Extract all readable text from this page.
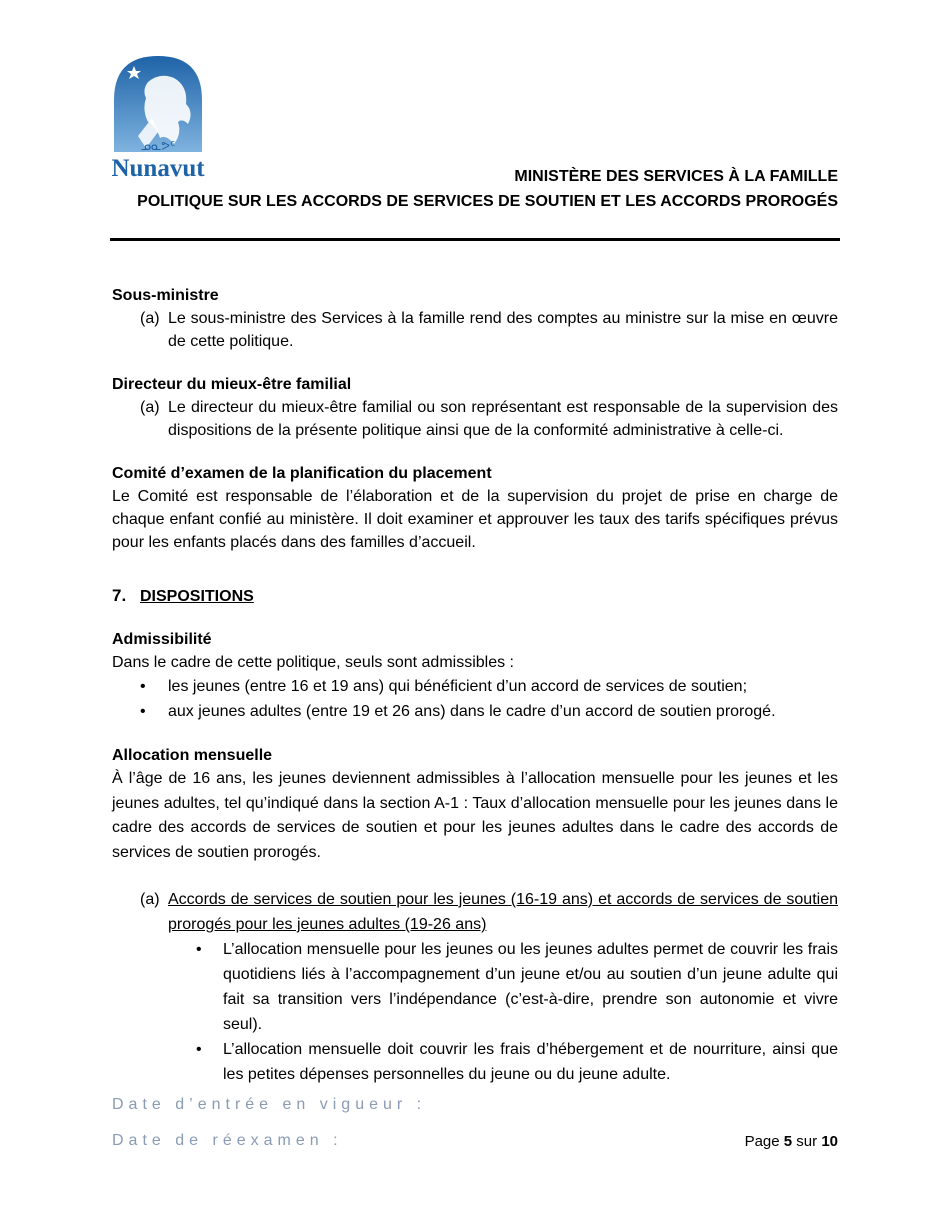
ᓄᓇᕗᑦ
Nunavut	MINISTÈRE DES SERVICES À LA FAMILLE
POLITIQUE SUR LES ACCORDS DE SERVICES DE SOUTIEN ET LES ACCORDS PROROGÉS

Sous-ministre

(a) Le sous-ministre des Services à la famille rend des comptes au ministre sur la mise en œuvre de cette politique.

Directeur du mieux-être familial

(a) Le directeur du mieux-être familial ou son représentant est responsable de la supervision des dispositions de la présente politique ainsi que de la conformité administrative à celle-ci.

Comité d’examen de la planification du placement

Le Comité est responsable de l’élaboration et de la supervision du projet de prise en charge de chaque enfant confié au ministère. Il doit examiner et approuver les taux des tarifs spécifiques prévus pour les enfants placés dans des familles d’accueil.

7. DISPOSITIONS

Admissibilité

Dans le cadre de cette politique, seuls sont admissibles :

• les jeunes (entre 16 et 19 ans) qui bénéficient d’un accord de services de soutien;
• aux jeunes adultes (entre 19 et 26 ans) dans le cadre d’un accord de soutien prorogé.

Allocation mensuelle

À l’âge de 16 ans, les jeunes deviennent admissibles à l’allocation mensuelle pour les jeunes et les jeunes adultes, tel qu’indiqué dans la section A-1 : Taux d’allocation mensuelle pour les jeunes dans le cadre des accords de services de soutien et pour les jeunes adultes dans le cadre des accords de services de soutien prorogés.

(a) Accords de services de soutien pour les jeunes (16-19 ans) et accords de services de soutien prorogés pour les jeunes adultes (19-26 ans)
• L’allocation mensuelle pour les jeunes ou les jeunes adultes permet de couvrir les frais quotidiens liés à l’accompagnement d’un jeune et/ou au soutien d’un jeune adulte qui fait sa transition vers l’indépendance (c’est-à-dire, prendre son autonomie et vivre seul).
• L’allocation mensuelle doit couvrir les frais d’hébergement et de nourriture, ainsi que les petites dépenses personnelles du jeune ou du jeune adulte.
Date d’entrée en vigueur :
Date de réexamen :	Page 5 sur 10
